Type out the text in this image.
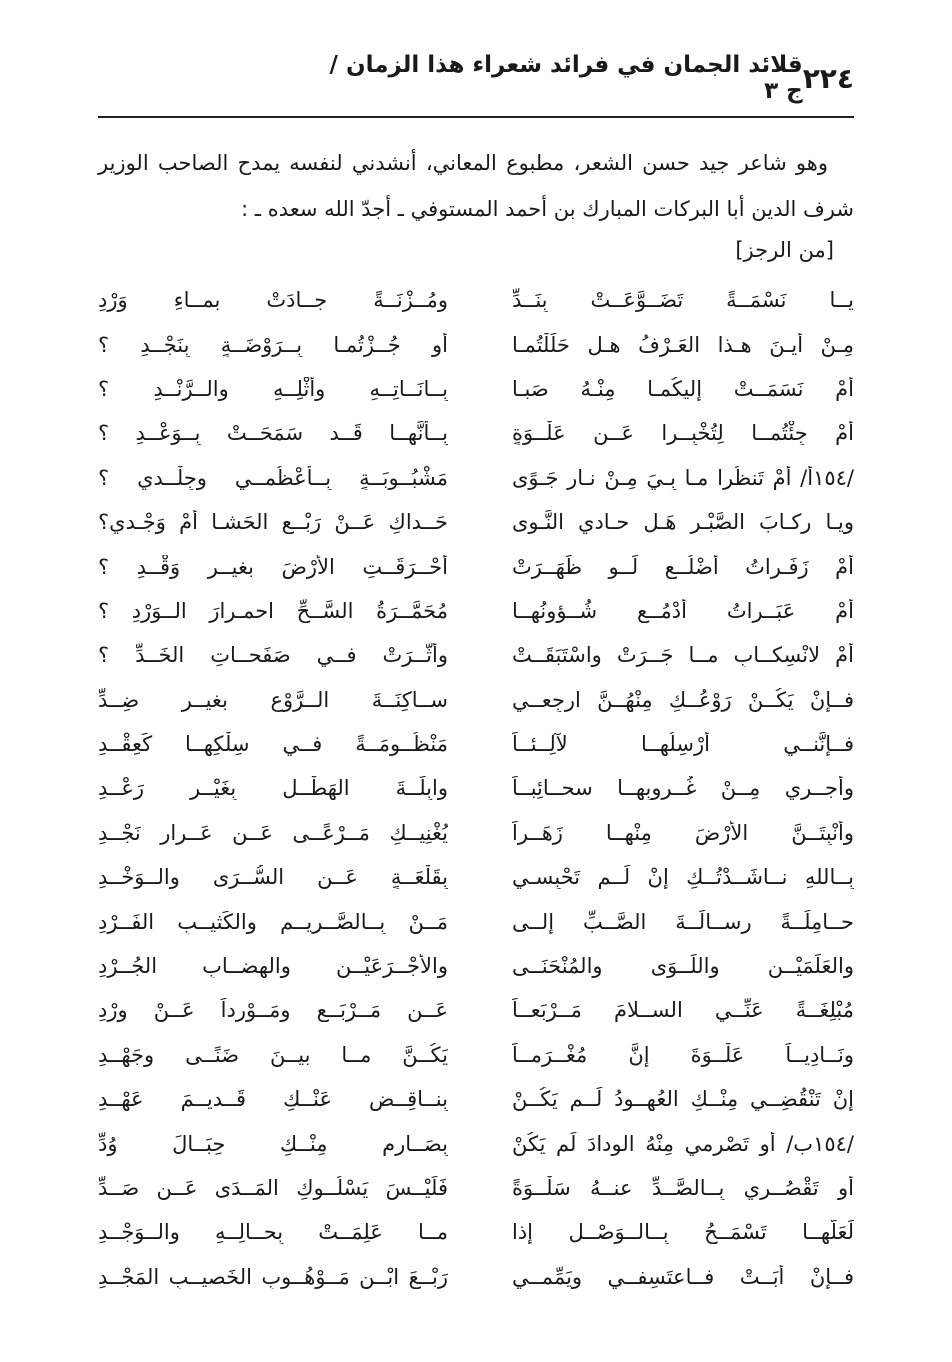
٢٢٤
قلائد الجمان في فرائد شعراء هذا الزمان / ج ٣

وهو شاعر جيد حسن الشعر، مطبوع المعاني، أنشدني لنفسه يمدح الصاحب الوزير شرف الدين أبا البركات المبارك بن أحمد المستوفي ـ أجدّ الله سعده ـ :

[من الرجز]
يــا نَسْمَــةً تَضَــوَّعَــتْ بِنَــدِّ
ومُــزْنَــةً جــادَتْ بمــاءِ وَرْدِ
مِـنْ أيـنَ هـذا العَـرْفُ هـل حَلَلْتُمـا
أو جُــزْتُمـا بِــرَوْضَــةٍ بِنَجْــدِ ؟
أَمْ نَسَمَــتْ إليكُمـا مِنْـهُ صَبـا
بِــانَــاتِــهِ وأَثْلِــهِ والــرَّنْــدِ ؟
أَمْ جِئْتُمــا لِتُخْبِــرا عَــن عَلْــوَةٍ
بِــأَنَّهــا قَــد سَمَحَــتْ بِــوَعْــدِ ؟
/١٥٤أ/ أَمْ تَنظُرا مـا بِـيَ مِـنْ نـارِ جَـوًى
مَشْبُــوبَــةٍ بِــأَعْظُمــي وجِلْــدي ؟
ويـا رِكـابَ الصَّبْـرِ هَـل حـادي النَّـوى
حَــداكِ عَــنْ رَبْــعِ الحَشـا أَمْ وَجْـدي؟
أَمْ زَفَـراتُ أَضْلُــعٍ لَــو ظَهَــرَتْ
أَحْــرَقَــتِ الأَرْضَ بغيــرِ وَقْــدِ ؟
أَمْ عَبَــراتُ أَدْمُــعٍ شُــؤونُهــا
مُحَمَّــرَةُ السَّــحِّ احمـرارَ الــوَرْدِ ؟
أَمْ لانْسِكــابِ مــا جَــرَتْ واسْتَبَقَــتْ
وأَثَّــرَتْ فــي صَفَحــاتِ الخَــدِّ ؟
فــإِنْ يَكُــنْ رَوْعُــكِ مِنْهُــنَّ ارجِعــي
ســاكِنَــةَ الــرَّوْعِ بغيــرِ ضِــدِّ
فــإِنَّنــي أُرْسِلُهــا لآلِــئــاً
مَنْظُــومَــةً فــي سِلْكِهــا كَعِقْــدِ
وأُجــري مِــنْ غُــروبِهــا سحــائِبــاً
وابِلَــةَ الهَطْــلِ بِغَيْــرِ رَعْــدِ
وأُنْبِتَــنَّ الأَرْضَ مِنْهــا زَهَــراً
يُغْنِيــكِ مَــرْعًــى عَــن عَــرارِ نَجْــدِ
بِــاللهِ نــاشَــدْتُــكِ إِنْ لَــم تَحْبِسـي
بِقَلْعَــةٍ عَــنِ السُّــرَى والــوَخْــدِ
حــامِلَــةً رِســالَــةَ الصَّــبِّ إِلــى
مَــنْ بِــالصَّــرِيــمِ والكَثيــبِ الفَــرْدِ
والعَلَمَيْــنِ واللِّــوَى والمُنْحَنَــى
والأَجْــرَعَيْــنِ والهِضــابِ الجُــرْدِ
مُبْلِغَــةً عَنِّــي الســلامَ مَــرْبَعــاً
عَــن مَــرْبَــعٍ ومَــوْرِداً عَــنْ وِرْدِ
ونَــادِيــاً عَلْــوَةَ إِنَّ مُغْــرَمــاً
يَكُــنَّ مــا بيــنَ ضَنًــى وجَهْــدِ
إِنْ تَنْقُضِــي مِنْــكِ العُهــودُ لَــم يَكُــنْ
بِنــاقِــضٍ عَنْــكِ قَــديــمَ عَهْــدِ
/١٥٤ب/ أَو تَصْرِمي مِنْهُ الوِدادَ لَم يَكُنْ
بِصَــارِمٍ مِنْــكِ حِبَــالَ وُدِّ
أو تَقْصُــري بِــالصَّــدِّ عنــهُ سَلْــوَةً
فَلَيْــسَ يَسْلُــوكِ المَــدَى عَــن صَــدِّ
لَعَلَّهــا تَسْمَــحُ بِــالــوَصْــلِ إِذا
مــا عَلِمَــتْ بِحــالِــهِ والــوَجْــدِ
فــإِنْ أَبَــتْ فــاعتَسِفــي ويَمِّمــي
رَبْــعَ ابْــنِ مَــوْهُــوبِ الخَصيــبِ المَجْــدِ
